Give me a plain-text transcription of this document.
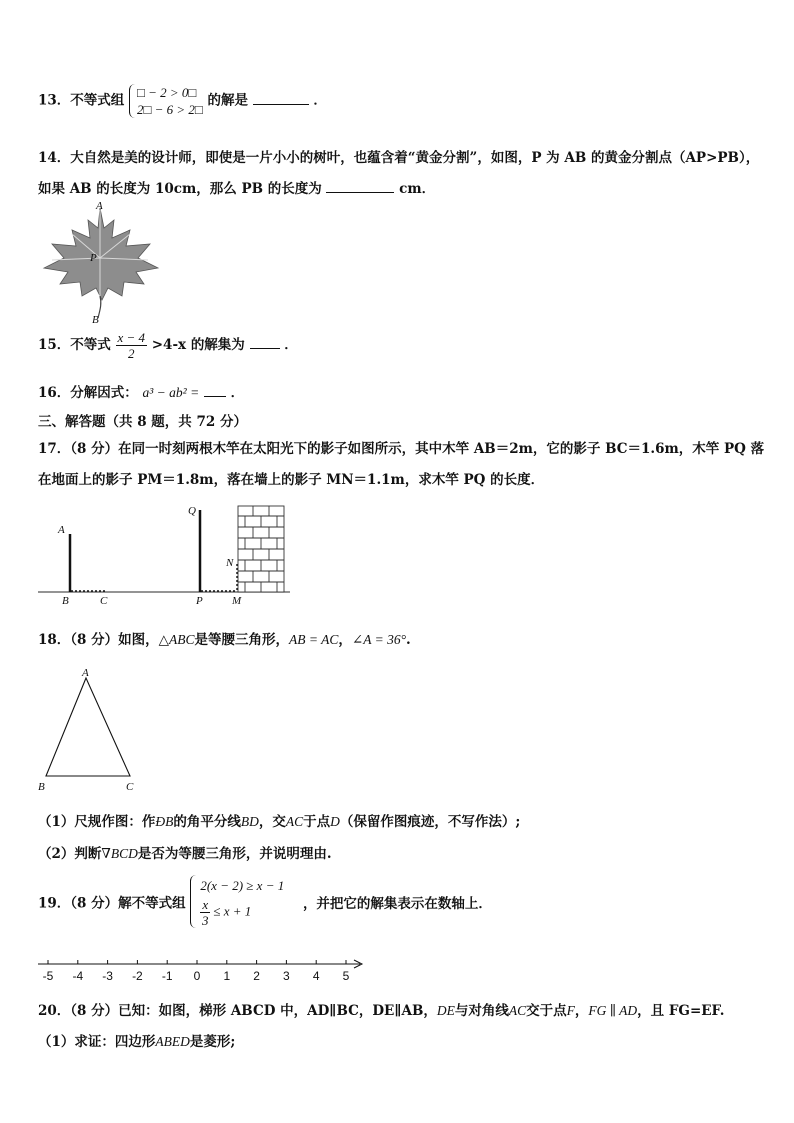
13．不等式组 □ − 2 > 0□
2□ − 6 > 2□
的解是	．
14．大自然是美的设计师，即使是一片小小的树叶，也蕴含着“黄金分割”，如图，P 为 AB 的黄金分割点（AP>PB），
如果 AB 的长度为 10cm，那么 PB 的长度为	cm．
A
P
B
15．不等式 $\frac{x - 4}{2} >4-x$ 的解集为	．
16．分解因式： a³ − ab² = ．
三、解答题（共 8 题，共 72 分）
17．（8 分）在同一时刻两根木竿在太阳光下的影子如图所示，其中木竿 AB＝2m，它的影子 BC＝1.6m，木竿 PQ 落
在地面上的影子 PM＝1.8m，落在墙上的影子 MN＝1.1m，求木竿 PQ 的长度．
A
B	C
Q
P	M
N
18．（8 分）如图，△ABC是等腰三角形，AB = AC，∠A = 36°.
A
B	C
（1）尺规作图：作ÐB的角平分线BD，交AC于点D（保留作图痕迹，不写作法）;
（2）判断∇BCD是否为等腰三角形，并说明理由.
19．（8 分）解不等式组
2(x − 2) ≥ x − 1
$\frac{x}{3} \le x + 1$	，并把它的解集表示在数轴上．
-5 -4 -3 -2 -1 0 1 2 3 4 5
20．（8 分）已知：如图，梯形 ABCD 中，AD∥BC，DE∥AB，DE与对角线AC交于点F，FG ∥ AD，且 FG=EF.
（1）求证：四边形ABED是菱形;
